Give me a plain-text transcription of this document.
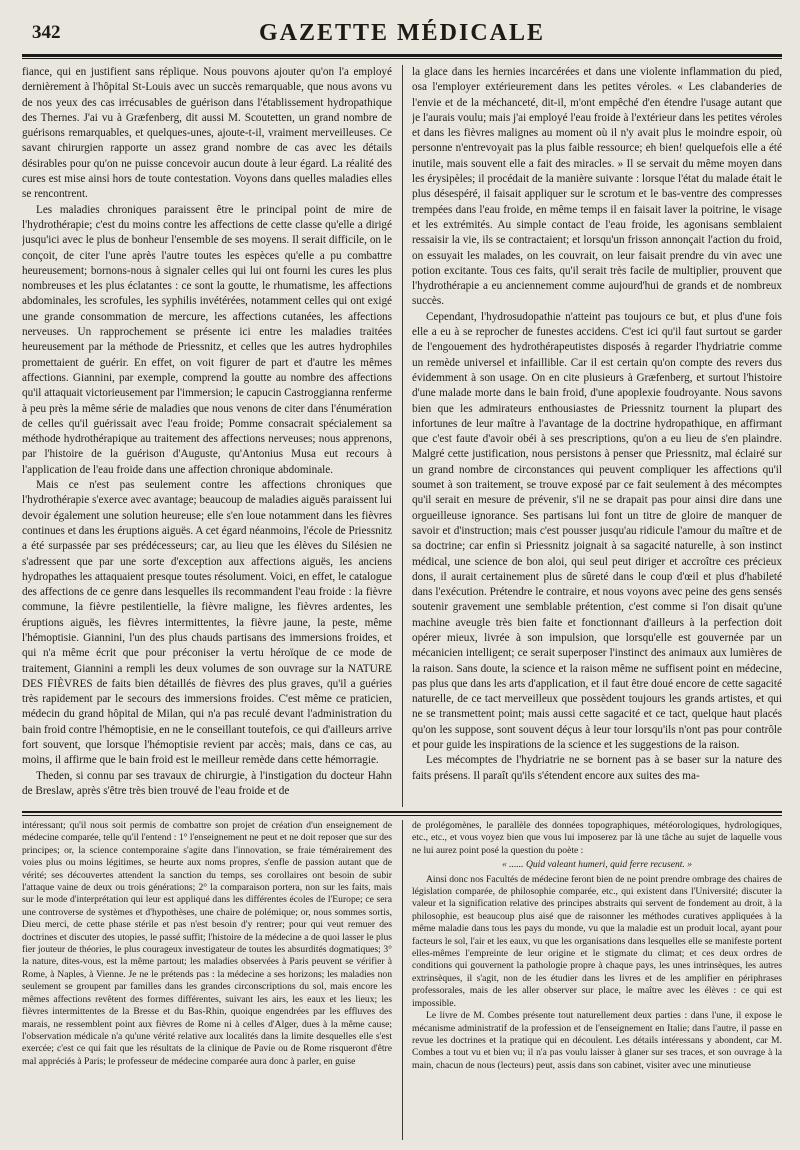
342	GAZETTE MÉDICALE

fiance, qui en justifient sans réplique. Nous pouvons ajouter qu'on l'a employé dernièrement à l'hôpital St-Louis avec un succès remarquable, que nous avons vu de nos yeux des cas irrécusables de guérison dans l'établissement hydropathique des Thernes. J'ai vu à Græfenberg, dit aussi M. Scoutetten, un grand nombre de guérisons remarquables, et quelques-unes, ajoute-t-il, vraiment merveilleuses. Ce savant chirurgien rapporte un assez grand nombre de cas avec les détails désirables pour qu'on ne puisse concevoir aucun doute à leur égard. La réalité des cures est mise ainsi hors de toute contestation. Voyons dans quelles maladies elles se rencontrent.

Les maladies chroniques paraissent être le principal point de mire de l'hydrothérapie; c'est du moins contre les affections de cette classe qu'elle a dirigé jusqu'ici avec le plus de bonheur l'ensemble de ses moyens. Il serait difficile, on le conçoit, de citer l'une après l'autre toutes les espèces qu'elle a pu combattre heureusement; bornons-nous à signaler celles qui lui ont fourni les cures les plus nombreuses et les plus éclatantes : ce sont la goutte, le rhumatisme, les affections abdominales, les scrofules, les syphilis invétérées, notamment celles qui ont exigé une grande consommation de mercure, les affections cutanées, les affections nerveuses. Un rapprochement se présente ici entre les maladies traitées heureusement par la méthode de Priessnitz, et celles que les autres hydrophiles promettaient de guérir. En effet, on voit figurer de part et d'autre les mêmes affections. Giannini, par exemple, comprend la goutte au nombre des affections qu'il attaquait victorieusement par l'immersion; le capucin Castroggianna renferme à peu près la même série de maladies que nous venons de citer dans l'énumération de celles qu'il guérissait avec l'eau froide; Pomme consacrait spécialement sa méthode hydrothérapique au traitement des affections nerveuses; nous apprenons, par l'histoire de la guérison d'Auguste, qu'Antonius Musa eut recours à l'application de l'eau froide dans une affection chronique abdominale.

Mais ce n'est pas seulement contre les affections chroniques que l'hydrothérapie s'exerce avec avantage; beaucoup de maladies aiguës paraissent lui devoir également une solution heureuse; elle s'en loue notamment dans les fièvres continues et dans les éruptions aiguës. A cet égard néanmoins, l'école de Priessnitz a été surpassée par ses prédécesseurs; car, au lieu que les élèves du Silésien ne s'adressent que par une sorte d'exception aux affections aiguës, les anciens hydropathes les attaquaient presque toutes résolument. Voici, en effet, le catalogue des affections de ce genre dans lesquelles ils recommandent l'eau froide : la fièvre commune, la fièvre pestilentielle, la fièvre maligne, les fièvres ardentes, les éruptions aiguës, les fièvres intermittentes, la fièvre jaune, la peste, même l'hémoptisie. Giannini, l'un des plus chauds partisans des immersions froides, et qui n'a même écrit que pour préconiser la vertu héroïque de ce mode de traitement, Giannini a rempli les deux volumes de son ouvrage sur la NATURE DES FIÈVRES de faits bien détaillés de fièvres des plus graves, qu'il a guéries très rapidement par le secours des immersions froides. C'est même ce praticien, médecin du grand hôpital de Milan, qui n'a pas reculé devant l'administration du bain froid contre l'hémoptisie, en ne le conseillant toutefois, ce qui d'ailleurs arrive fort souvent, que lorsque l'hémoptisie revient par accès; mais, dans ce cas, au moins, il affirme que le bain froid est le meilleur remède dans cette hémorragie.

Theden, si connu par ses travaux de chirurgie, à l'instigation du docteur Hahn de Breslaw, après s'être très bien trouvé de l'eau froide et de

la glace dans les hernies incarcérées et dans une violente inflammation du pied, osa l'employer extérieurement dans les petites véroles. « Les clabanderies de l'envie et de la méchanceté, dit-il, m'ont empêché d'en étendre l'usage autant que je l'aurais voulu; mais j'ai employé l'eau froide à l'extérieur dans les petites véroles et dans les fièvres malignes au moment où il n'y avait plus le moindre espoir, où personne n'entrevoyait pas la plus faible ressource; eh bien! quelquefois elle a été inutile, mais souvent elle a fait des miracles. » Il se servait du même moyen dans les érysipèles; il procédait de la manière suivante : lorsque l'état du malade était le plus désespéré, il faisait appliquer sur le scrotum et le bas-ventre des compresses trempées dans l'eau froide, en même temps il en faisait laver la poitrine, le visage et les extrémités. Au simple contact de l'eau froide, les agonisans semblaient ressaisir la vie, ils se contractaient; et lorsqu'un frisson annonçait l'action du froid, on essuyait les malades, on les couvrait, on leur faisait prendre du vin avec une potion excitante. Tous ces faits, qu'il serait très facile de multiplier, prouvent que l'hydrothérapie a eu anciennement comme aujourd'hui de grands et de nombreux succès.

Cependant, l'hydrosudopathie n'atteint pas toujours ce but, et plus d'une fois elle a eu à se reprocher de funestes accidens. C'est ici qu'il faut surtout se garder de l'engouement des hydrothérapeutistes disposés à regarder l'hydriatrie comme un remède universel et infaillible. Car il est certain qu'on compte des revers dus évidemment à son usage. On en cite plusieurs à Græfenberg, et surtout l'histoire d'une malade morte dans le bain froid, d'une apoplexie foudroyante. Nous savons bien que les admirateurs enthousiastes de Priessnitz tournent la plupart des infortunes de leur maître à l'avantage de la doctrine hydropathique, en affirmant que c'est faute d'avoir obéi à ses prescriptions, qu'on a eu lieu de s'en plaindre. Malgré cette justification, nous persistons à penser que Priessnitz, mal éclairé sur un grand nombre de circonstances qui peuvent compliquer les affections qu'il soumet à son traitement, se trouve exposé par ce fait seulement à des mécomptes qu'il serait en mesure de prévenir, s'il ne se drapait pas pour ainsi dire dans une orgueilleuse ignorance. Ses partisans lui font un titre de gloire de manquer de savoir et d'instruction; mais c'est pousser jusqu'au ridicule l'amour du maître et de sa doctrine; car enfin si Priessnitz joignait à sa sagacité naturelle, à son instinct médical, une science de bon aloi, qui seul peut diriger et accroître ces précieux dons, il aurait certainement plus de sûreté dans le coup d'œil et plus d'habileté dans l'exécution. Prétendre le contraire, et nous voyons avec peine des gens sensés soutenir gravement une semblable prétention, c'est comme si l'on disait qu'une machine aveugle très bien faite et fonctionnant d'ailleurs à la perfection doit opérer mieux, livrée à son impulsion, que lorsqu'elle est gouvernée par un mécanicien intelligent; ce serait superposer l'instinct des animaux aux lumières de la raison. Sans doute, la science et la raison même ne suffisent point en médecine, pas plus que dans les arts d'application, et il faut être doué encore de cette sagacité naturelle, de ce tact merveilleux que possèdent toujours les grands artistes, et qui ne se transmettent point; mais aussi cette sagacité et ce tact, quelque haut placés qu'on les suppose, sont souvent déçus à leur tour lorsqu'ils n'ont pas pour contrôle et pour guide les inspirations de la science et les suggestions de la raison.

Les mécomptes de l'hydriatrie ne se bornent pas à se baser sur la nature des faits présens. Il paraît qu'ils s'étendent encore aux suites des ma-

intéressant; qu'il nous soit permis de combattre son projet de création d'un enseignement de médecine comparée, telle qu'il l'entend : 1° l'enseignement ne peut et ne doit reposer que sur des principes; or, la science contemporaine s'agite dans l'innovation, se fraie témérairement des voies plus ou moins légitimes, se heurte aux noms propres, s'enfle de passion autant que de vérité; ses découvertes attendent la sanction du temps, ses corollaires ont besoin de subir l'attaque vaine de deux ou trois générations; 2° la comparaison portera, non sur les faits, mais sur le mode d'interprétation qui leur est appliqué dans les différentes écoles de l'Europe; ce sera une controverse de systèmes et d'hypothèses, une chaire de polémique; or, nous sommes sortis, Dieu merci, de cette phase stérile et pas n'est besoin d'y rentrer; pour qui veut remuer des doctrines et discuter des utopies, le passé suffit; l'histoire de la médecine a de quoi lasser le plus fier jouteur de théories, le plus courageux investigateur de toutes les absurdités dogmatiques; 3° la nature, dites-vous, est la même partout; les maladies observées à Paris peuvent se vérifier à Rome, à Naples, à Vienne. Je ne le prétends pas : la médecine a ses horizons; les maladies non seulement se groupent par familles dans les grandes circonscriptions du sol, mais encore les mêmes affections revêtent des formes différentes, suivant les airs, les eaux et les lieux; les fièvres intermittentes de la Bresse et du Bas-Rhin, quoique engendrées par les effluves des marais, ne ressemblent point aux fièvres de Rome ni à celles d'Alger, dues à la même cause; l'observation médicale n'a qu'une vérité relative aux localités dans la limite desquelles elle s'est exercée; c'est ce qui fait que les résultats de la clinique de Pavie ou de Rome risqueront d'être mal appréciés à Paris; le professeur de médecine comparée aura donc à parler, en guise

de prolégomènes, le parallèle des données topographiques, météorologiques, hydrologiques, etc., etc., et vous voyez bien que vous lui imposerez par là une tâche au sujet de laquelle vous ne lui aurez point posé la question du poète :

« ...... Quid valeant humeri, quid ferre recusent. »

Ainsi donc nos Facultés de médecine feront bien de ne point prendre ombrage des chaires de législation comparée, de philosophie comparée, etc., qui existent dans l'Université; discuter la valeur et la signification relative des principes abstraits qui servent de fondement au droit, à la philosophie, est beaucoup plus aisé que de raisonner les méthodes curatives appliquées à la même maladie dans tous les pays du monde, vu que la maladie est un produit local, ayant pour facteurs le sol, l'air et les eaux, vu que les organisations dans lesquelles elle se manifeste portent elles-mêmes l'empreinte de leur origine et le stigmate du climat; et ces deux ordres de conditions qui gouvernent la pathologie propre à chaque pays, les unes intrinsèques, les autres extrinsèques, il s'agit, non de les étudier dans les livres et de les amplifier en périphrases professorales, mais de les aller observer sur place, le maître avec les élèves : ce qui est impossible.

Le livre de M. Combes présente tout naturellement deux parties : dans l'une, il expose le mécanisme administratif de la profession et de l'enseignement en Italie; dans l'autre, il passe en revue les doctrines et la pratique qui en découlent. Les détails intéressans y abondent, car M. Combes a tout vu et bien vu; il n'a pas voulu laisser à glaner sur ses traces, et son ouvrage à la main, chacun de nous (lecteurs) peut, assis dans son cabinet, visiter avec une minutieuse
